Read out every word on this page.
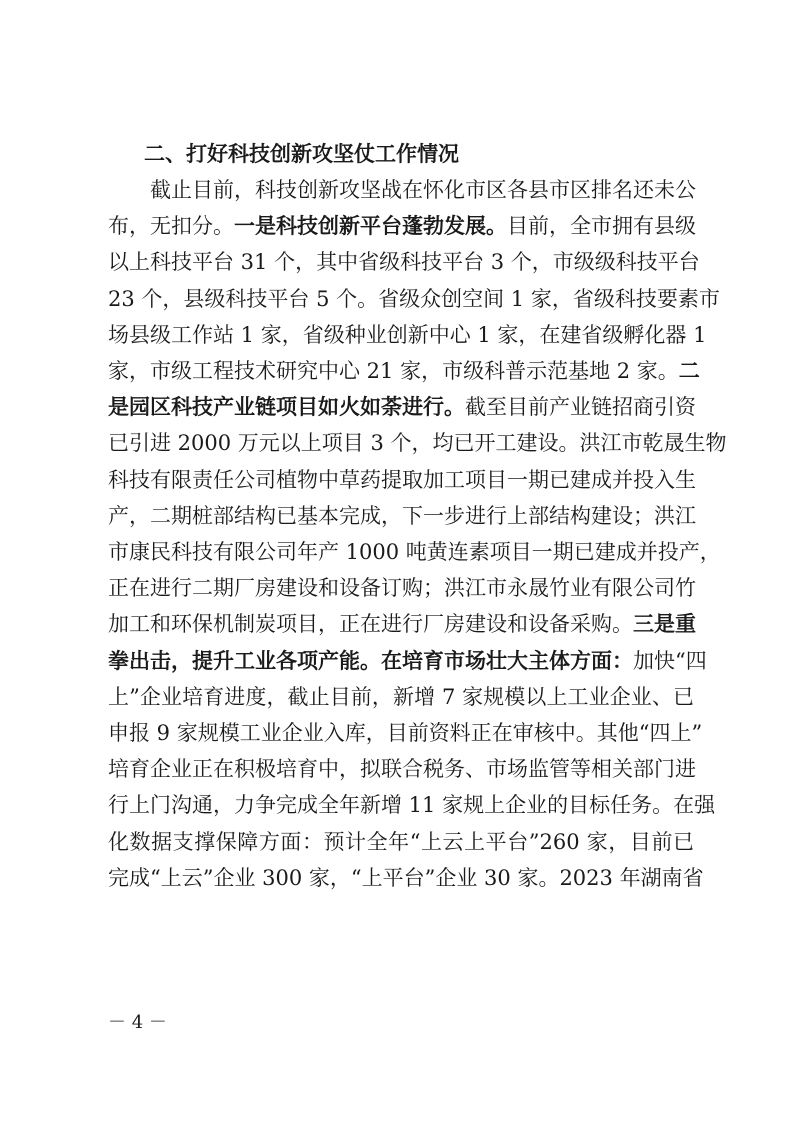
二、打好科技创新攻坚仗工作情况
截止目前，科技创新攻坚战在怀化市区各县市区排名还未公
布，无扣分。一是科技创新平台蓬勃发展。目前，全市拥有县级
以上科技平台 31 个，其中省级科技平台 3 个，市级级科技平台
23 个，县级科技平台 5 个。省级众创空间 1 家，省级科技要素市
场县级工作站 1 家，省级种业创新中心 1 家，在建省级孵化器 1
家，市级工程技术研究中心 21 家，市级科普示范基地 2 家。二
是园区科技产业链项目如火如荼进行。截至目前产业链招商引资
已引进 2000 万元以上项目 3 个，均已开工建设。洪江市乾晟生物
科技有限责任公司植物中草药提取加工项目一期已建成并投入生
产，二期桩部结构已基本完成，下一步进行上部结构建设；洪江
市康民科技有限公司年产 1000 吨黄连素项目一期已建成并投产，
正在进行二期厂房建设和设备订购；洪江市永晟竹业有限公司竹
加工和环保机制炭项目，正在进行厂房建设和设备采购。三是重
拳出击，提升工业各项产能。在培育市场壮大主体方面：加快“四
上”企业培育进度，截止目前，新增 7 家规模以上工业企业、已
申报 9 家规模工业企业入库，目前资料正在审核中。其他“四上”
培育企业正在积极培育中，拟联合税务、市场监管等相关部门进
行上门沟通，力争完成全年新增 11 家规上企业的目标任务。在强
化数据支撑保障方面：预计全年“上云上平台”260 家，目前已
完成“上云”企业 300 家，“上平台”企业 30 家。2023 年湖南省
－ 4 －
